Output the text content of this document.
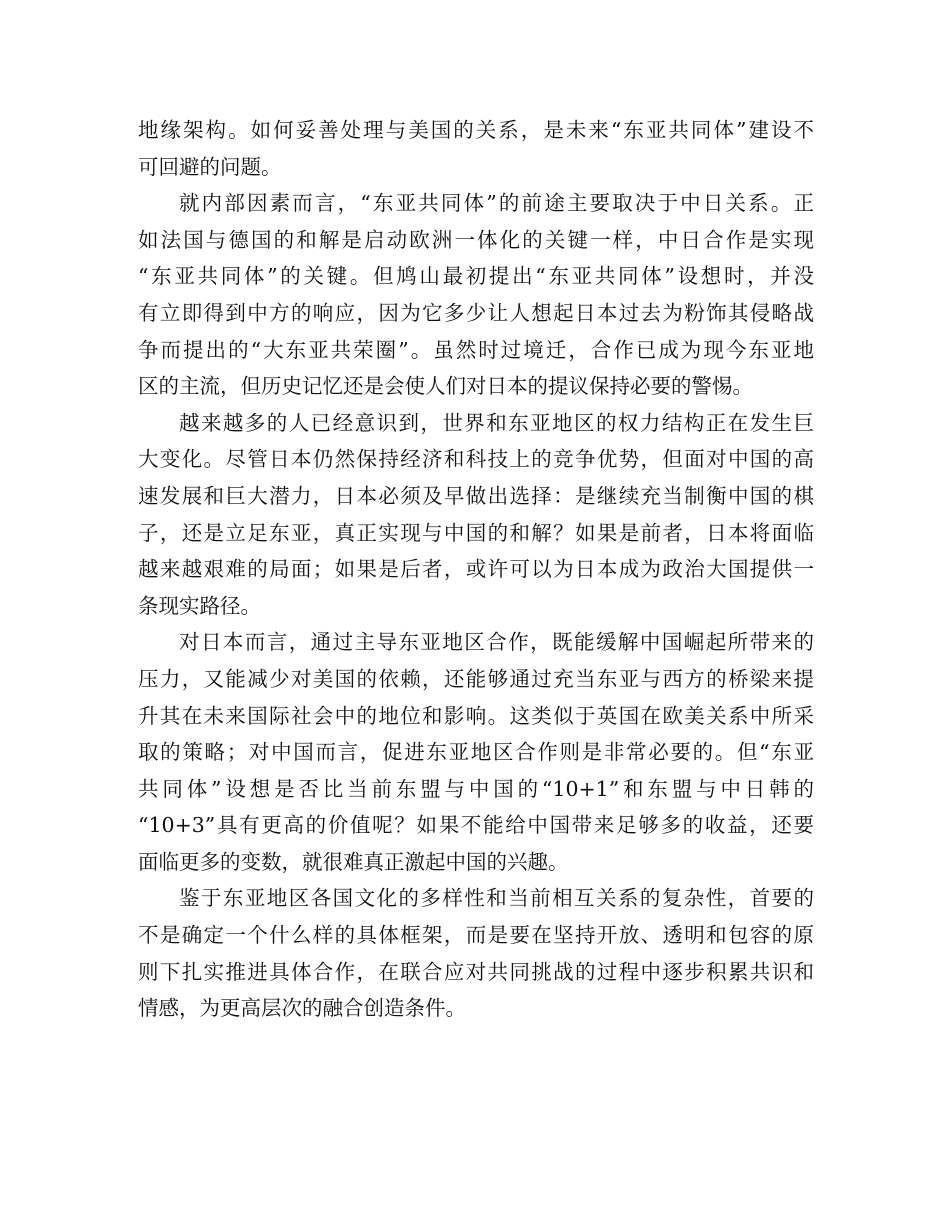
地缘架构。如何妥善处理与美国的关系，是未来“东亚共同体”建设不
可回避的问题。
就内部因素而言，“东亚共同体”的前途主要取决于中日关系。正
如法国与德国的和解是启动欧洲一体化的关键一样，中日合作是实现
“东亚共同体”的关键。但鸠山最初提出“东亚共同体”设想时，并没
有立即得到中方的响应，因为它多少让人想起日本过去为粉饰其侵略战
争而提出的“大东亚共荣圈”。虽然时过境迁，合作已成为现今东亚地
区的主流，但历史记忆还是会使人们对日本的提议保持必要的警惕。
越来越多的人已经意识到，世界和东亚地区的权力结构正在发生巨
大变化。尽管日本仍然保持经济和科技上的竞争优势，但面对中国的高
速发展和巨大潜力，日本必须及早做出选择：是继续充当制衡中国的棋
子，还是立足东亚，真正实现与中国的和解？如果是前者，日本将面临
越来越艰难的局面；如果是后者，或许可以为日本成为政治大国提供一
条现实路径。
对日本而言，通过主导东亚地区合作，既能缓解中国崛起所带来的
压力，又能减少对美国的依赖，还能够通过充当东亚与西方的桥梁来提
升其在未来国际社会中的地位和影响。这类似于英国在欧美关系中所采
取的策略；对中国而言，促进东亚地区合作则是非常必要的。但“东亚
共同体”设想是否比当前东盟与中国的“10+1”和东盟与中日韩的
“10+3”具有更高的价值呢？如果不能给中国带来足够多的收益，还要
面临更多的变数，就很难真正激起中国的兴趣。
鉴于东亚地区各国文化的多样性和当前相互关系的复杂性，首要的
不是确定一个什么样的具体框架，而是要在坚持开放、透明和包容的原
则下扎实推进具体合作，在联合应对共同挑战的过程中逐步积累共识和
情感，为更高层次的融合创造条件。
